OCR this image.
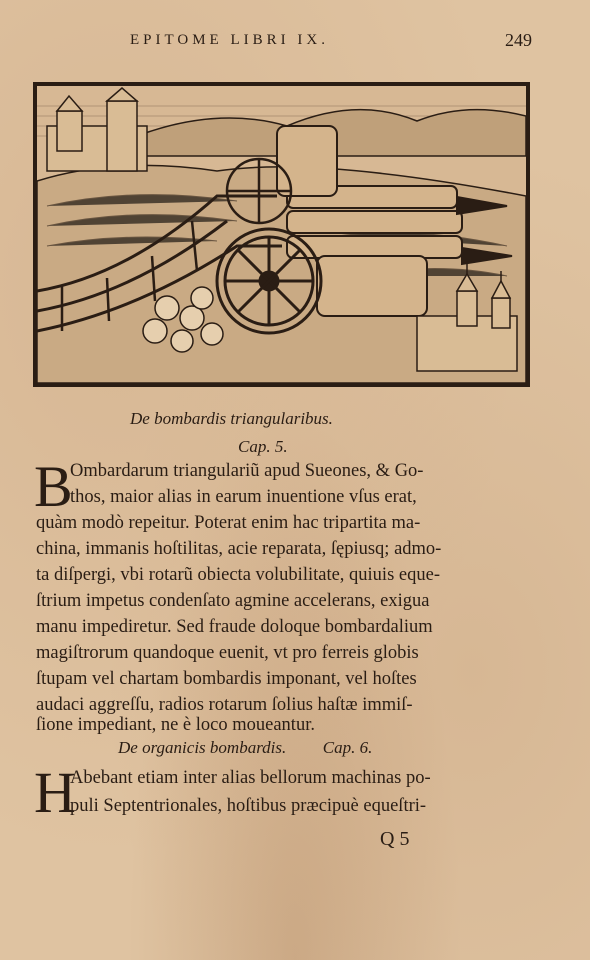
EPITOME LIBRI IX.	249
De bombardis triangularibus.
Cap. 5.
B
Ombardarum triangulariũ apud Sueones, & Go-
thos, maior alias in earum inuentione vſus erat,
quàm modò repeitur. Poterat enim hac tripartita ma-
china, immanis hoſtilitas, acie reparata, ſępiusq; admo-
ta diſpergi, vbi rotarũ obiecta volubilitate, quiuis eque-
ſtrium impetus condenſato agmine accelerans, exigua
manu impediretur. Sed fraude doloque bombardalium
magiſtrorum quandoque euenit, vt pro ferreis globis
ſtupam vel chartam bombardis imponant, vel hoſtes
audaci aggreſſu, radios rotarum ſolius haſtæ immiſ-
ſione impediant, ne è loco moueantur.
De organicis bombardis. Cap. 6.
H
Abebant etiam inter alias bellorum machinas po-
puli Septentrionales, hoſtibus præcipuè equeſtri-
Q 5
